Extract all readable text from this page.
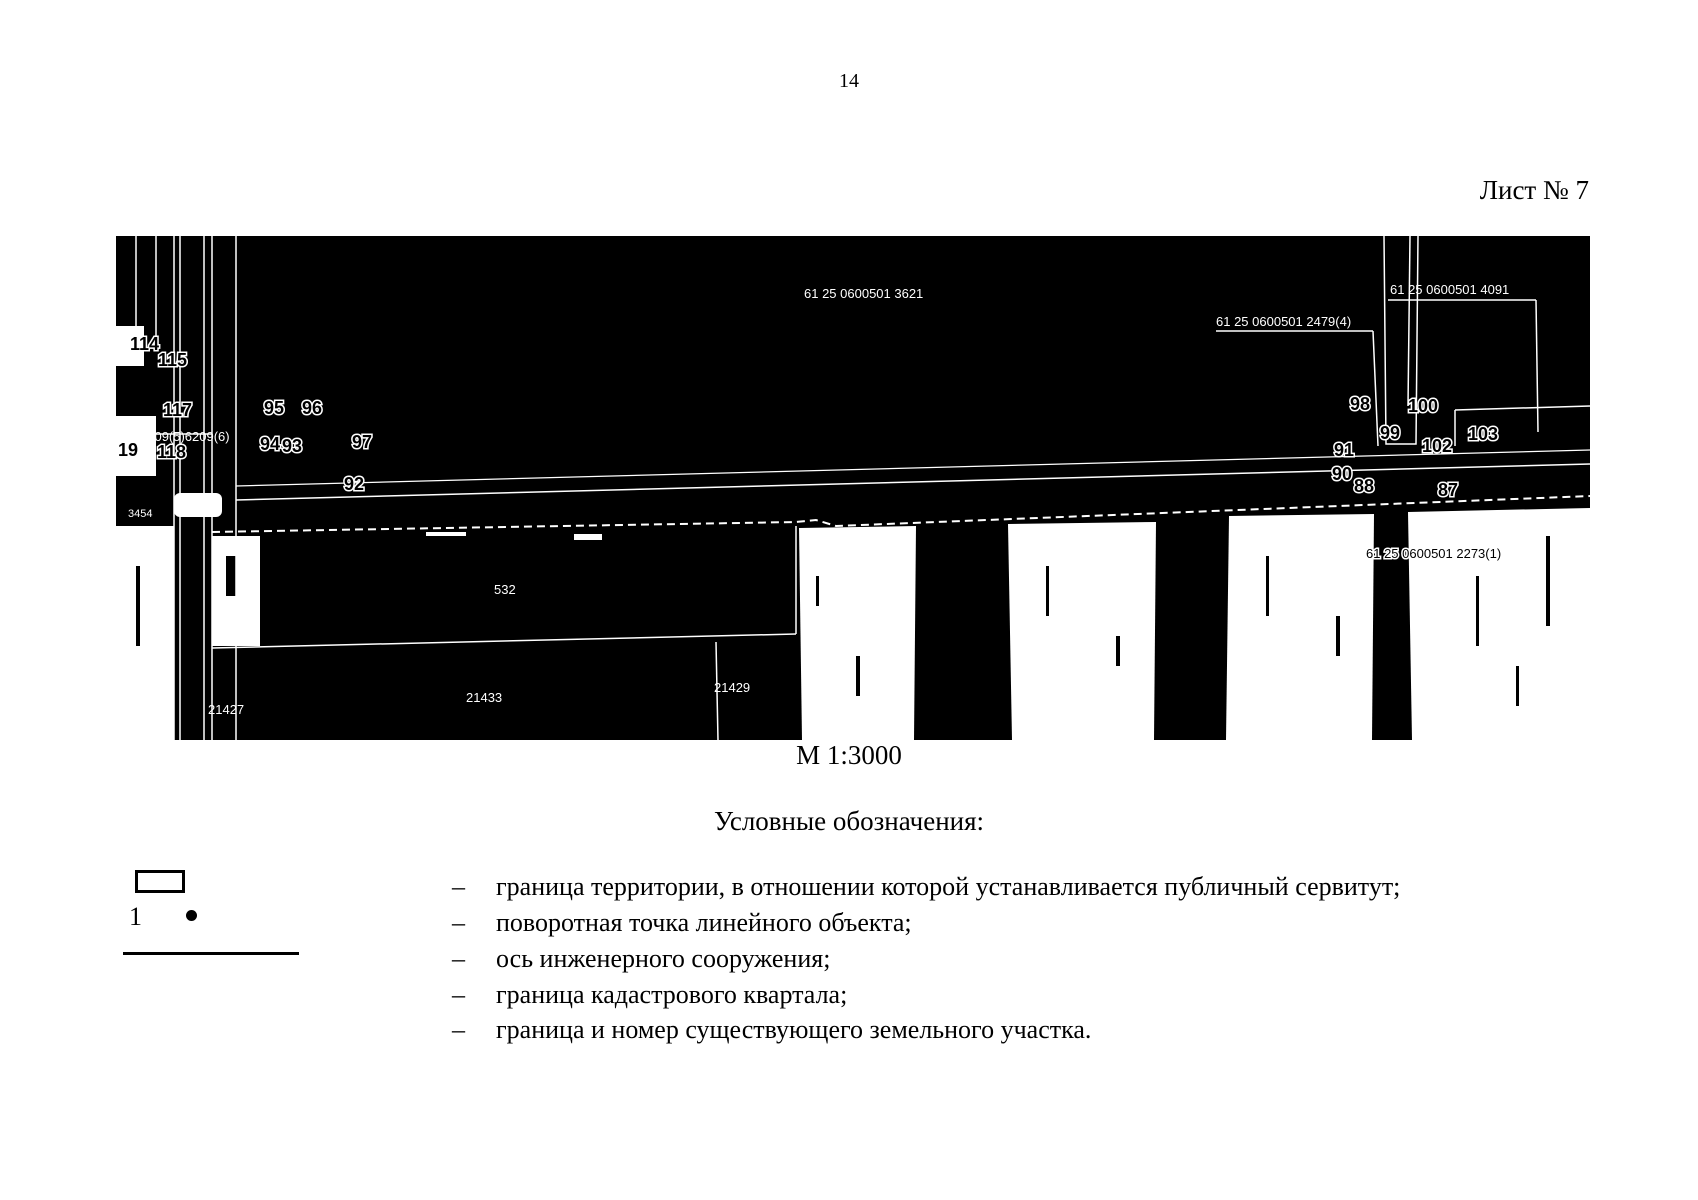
14
Лист № 7
61 25 0600501 3621	61 25 0600501 4091
61 25 0600501 2479(4)
61 25 0600501 2273(1)
6209(5)6209(6)
532
21433
21429
21427
3454
114
115
117
118
19
95 96
94 93	97
92
98 100
99
91
90
88
102
103
87
М 1:3000
Условные обозначения:
1
– граница территории, в отношении которой устанавливается публичный сервитут;
– поворотная точка линейного объекта;
– ось инженерного сооружения;
– граница кадастрового квартала;
– граница и номер существующего земельного участка.
